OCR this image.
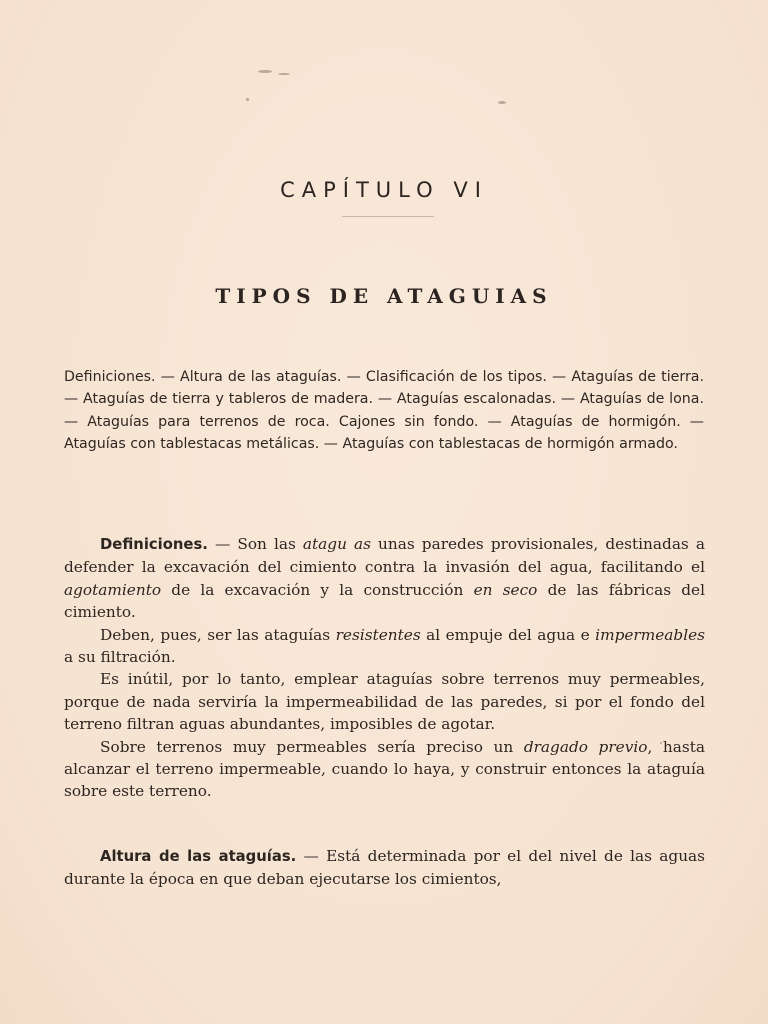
CAPÍTULO VI
TIPOS DE ATAGUIAS
Definiciones. — Altura de las ataguías. — Clasificación de los tipos. — Ataguías de tierra. — Ataguías de tierra y tableros de madera. — Ataguías escalonadas. — Ataguías de lona. — Ataguías para terrenos de roca. Cajones sin fondo. — Ataguías de hormigón. — Ataguías con tablestacas metálicas. — Ataguías con tablestacas de hormigón armado.

Definiciones. — Son las atagu as unas paredes provisionales, destinadas a defender la excavación del cimiento contra la invasión del agua, facilitando el agotamiento de la excavación y la construcción en seco de las fábricas del cimiento.

Deben, pues, ser las ataguías resistentes al empuje del agua e impermeables a su filtración.

Es inútil, por lo tanto, emplear ataguías sobre terrenos muy permeables, porque de nada serviría la impermeabilidad de las paredes, si por el fondo del terreno filtran aguas abundantes, imposibles de agotar.

Sobre terrenos muy permeables sería preciso un dragado previo, hasta alcanzar el terreno impermeable, cuando lo haya, y construir entonces la ataguía sobre este terreno.

Altura de las ataguías. — Está determinada por el del nivel de las aguas durante la época en que deban ejecutarse los cimientos,
